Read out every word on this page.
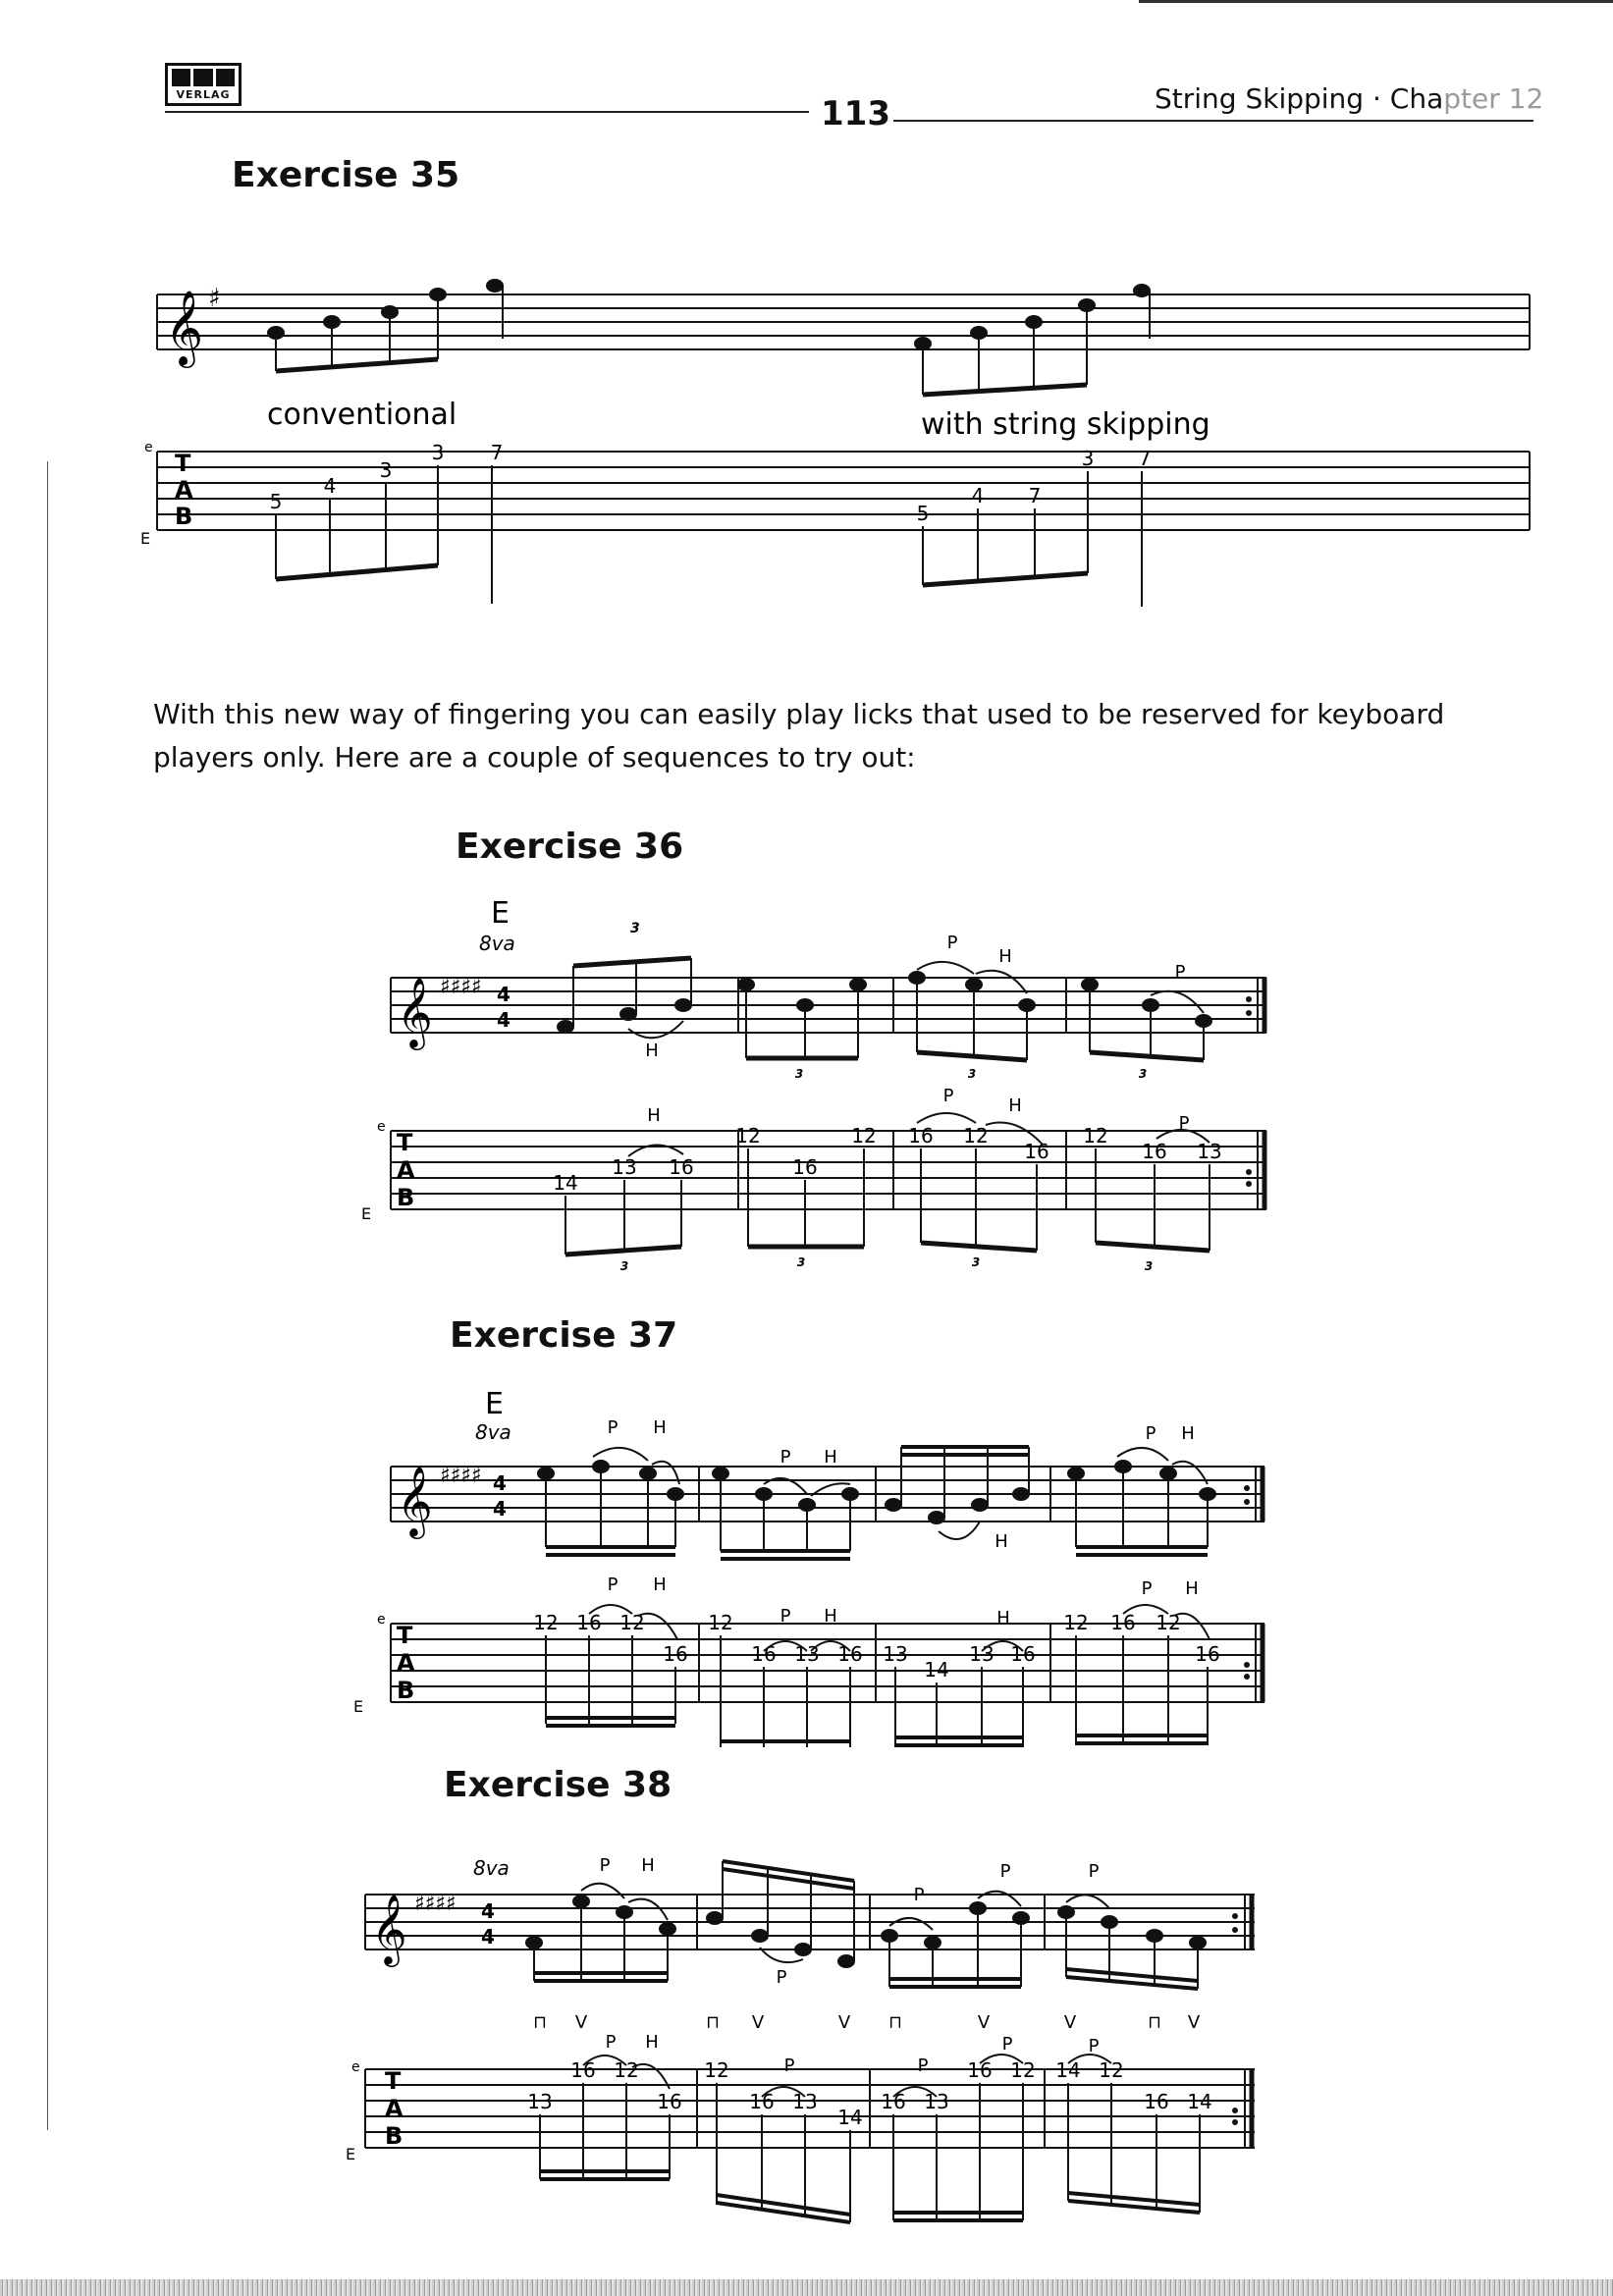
VERLAG	113	String Skipping · Chapter 12
Exercise 35
𝄞 ♯
conventional	with string skipping
e
E
T
A
B
5
4
3
3 7
5
4 7
3 7
With this new way of fingering you can easily play licks that used to be reserved for keyboard players only. Here are a couple of sequences to try out:
Exercise 36
E
8va
𝄞 ♯♯♯♯ 4
4
3
H
P
H
P
3	3	3
e
E
T
A
B
14
13 16
12
16
12 16 12
16
12
16 13
H
P	H
P
3	3	3	3
Exercise 37
E
8va
𝄞 ♯♯♯♯ 4
4
P H
P H
H
P H
e
E
T
A
B
12 16 12
16
12
16 13 16 13
14
13 16
12 16 12
16
P H
P H	H
P H
Exercise 38
8va
𝄞 ♯♯♯♯ 4
4
P H
P
P
P	P
⊓ V	⊓ V	V ⊓	V	V	⊓ V
e
E
T
A
B
P H
P	P
P	P
13
16 12
16
12
16 13
14
16 13
16 12 14 12
16 14
